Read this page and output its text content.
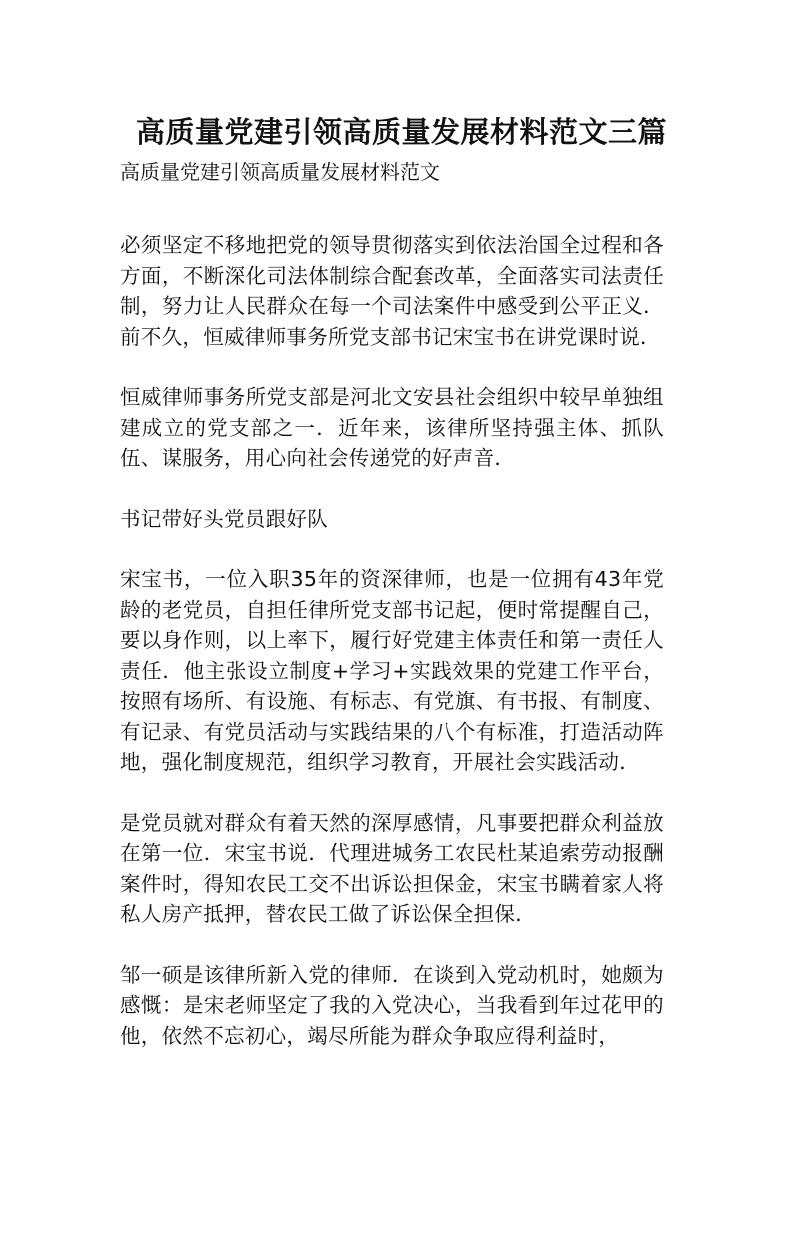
高质量党建引领高质量发展材料范文三篇
高质量党建引领高质量发展材料范文

必须坚定不移地把党的领导贯彻落实到依法治国全过程和各方面，不断深化司法体制综合配套改革，全面落实司法责任制，努力让人民群众在每一个司法案件中感受到公平正义．前不久，恒威律师事务所党支部书记宋宝书在讲党课时说．

恒威律师事务所党支部是河北文安县社会组织中较早单独组建成立的党支部之一．近年来，该律所坚持强主体、抓队伍、谋服务，用心向社会传递党的好声音．

书记带好头党员跟好队

宋宝书，一位入职35年的资深律师，也是一位拥有43年党龄的老党员，自担任律所党支部书记起，便时常提醒自己，要以身作则，以上率下，履行好党建主体责任和第一责任人责任．他主张设立制度+学习+实践效果的党建工作平台，按照有场所、有设施、有标志、有党旗、有书报、有制度、有记录、有党员活动与实践结果的八个有标准，打造活动阵地，强化制度规范，组织学习教育，开展社会实践活动．

是党员就对群众有着天然的深厚感情，凡事要把群众利益放在第一位．宋宝书说．代理进城务工农民杜某追索劳动报酬案件时，得知农民工交不出诉讼担保金，宋宝书瞒着家人将私人房产抵押，替农民工做了诉讼保全担保．

邹一硕是该律所新入党的律师．在谈到入党动机时，她颇为感慨：是宋老师坚定了我的入党决心，当我看到年过花甲的他，依然不忘初心，竭尽所能为群众争取应得利益时，
